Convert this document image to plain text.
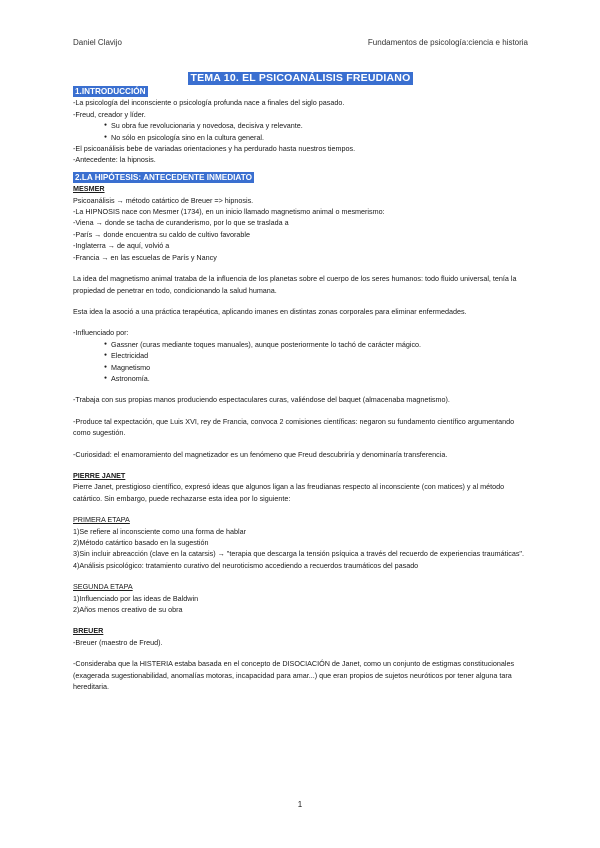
Daniel Clavijo	Fundamentos de psicología:ciencia e historia
TEMA 10. EL PSICOANÁLISIS FREUDIANO
1.INTRODUCCIÓN

-La psicología del inconsciente o psicología profunda nace a finales del siglo pasado.

-Freud, creador y líder.

● Su obra fue revolucionaria y novedosa, decisiva y relevante.

● No sólo en psicología sino en la cultura general.

-El psicoanálisis bebe de variadas orientaciones y ha perdurado hasta nuestros tiempos.

-Antecedente: la hipnosis.

2.LA HIPÓTESIS: ANTECEDENTE INMEDIATO

MESMER

Psicoanálisis → método catártico de Breuer => hipnosis.

-La HIPNOSIS nace con Mesmer (1734), en un inicio llamado magnetismo animal o mesmerismo:

-Viena → donde se tacha de curanderismo, por lo que se traslada a

-París → donde encuentra su caldo de cultivo favorable

-Inglaterra → de aquí, volvió a

-Francia → en las escuelas de París y Nancy

La idea del magnetismo animal trataba de la influencia de los planetas sobre el cuerpo de los seres humanos: todo fluido universal, tenía la propiedad de penetrar en todo, condicionando la salud humana.

Esta idea la asoció a una práctica terapéutica, aplicando imanes en distintas zonas corporales para eliminar enfermedades.

-Influenciado por:

● Gassner (curas mediante toques manuales), aunque posteriormente lo tachó de carácter mágico.

● Electricidad

● Magnetismo

● Astronomía.

-Trabaja con sus propias manos produciendo espectaculares curas, valiéndose del baquet (almacenaba magnetismo).

-Produce tal expectación, que Luis XVI, rey de Francia, convoca 2 comisiones científicas: negaron su fundamento científico argumentando como sugestión.

-Curiosidad: el enamoramiento del magnetizador es un fenómeno que Freud descubriría y denominaría transferencia.

PIERRE JANET

Pierre Janet, prestigioso científico, expresó ideas que algunos ligan a las freudianas respecto al inconsciente (con matices) y al método catártico. Sin embargo, puede rechazarse esta idea por lo siguiente:

PRIMERA ETAPA

1)Se refiere al inconsciente como una forma de hablar

2)Método catártico basado en la sugestión

3)Sin incluir abreacción (clave en la catarsis) → "terapia que descarga la tensión psíquica a través del recuerdo de experiencias traumáticas".

4)Análisis psicológico: tratamiento curativo del neuroticismo accediendo a recuerdos traumáticos del pasado

SEGUNDA ETAPA

1)Influenciado por las ideas de Baldwin

2)Años menos creativo de su obra

BREUER

-Breuer (maestro de Freud).

-Consideraba que la HISTERIA estaba basada en el concepto de DISOCIACIÓN de Janet, como un conjunto de estigmas constitucionales (exagerada sugestionabilidad, anomalías motoras, incapacidad para amar...) que eran propios de sujetos neuróticos por tener alguna tara hereditaria.

1
